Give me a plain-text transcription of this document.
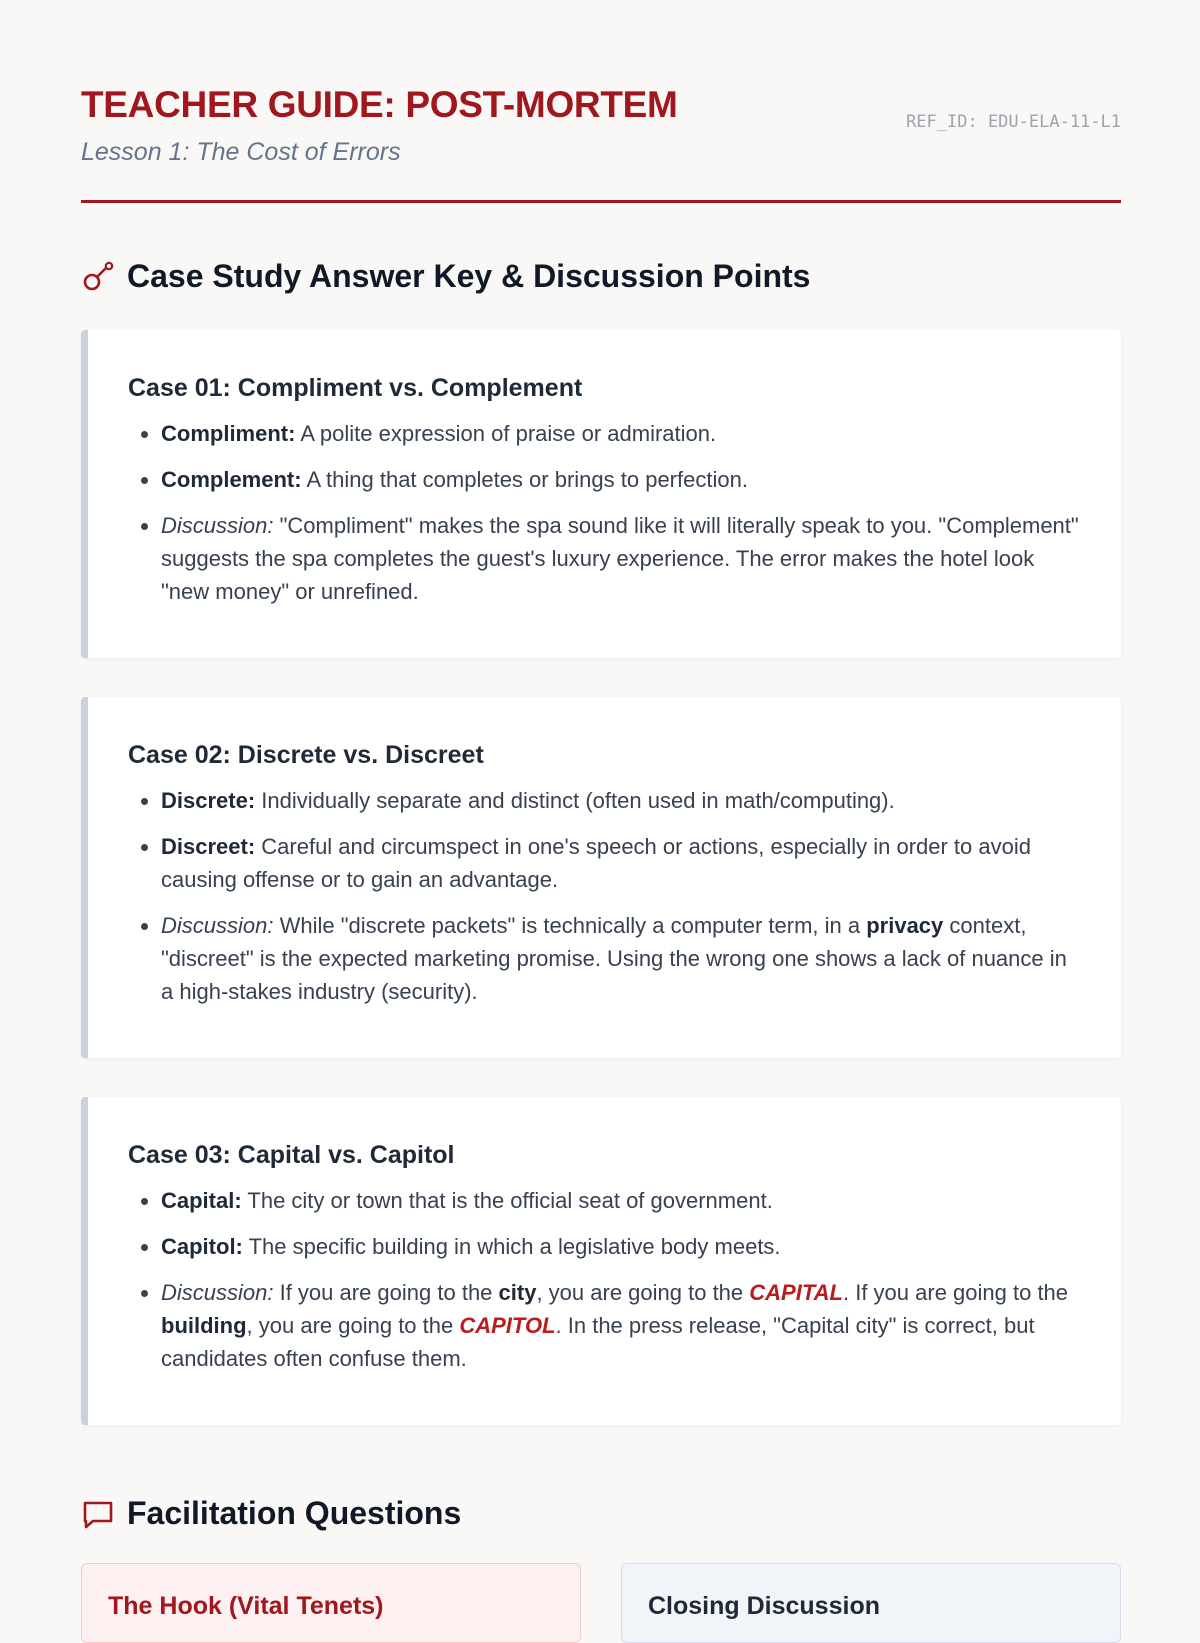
TEACHER GUIDE: POST-MORTEM

Lesson 1: The Cost of Errors

REF_ID: EDU-ELA-11-L1
Case Study Answer Key & Discussion Points
Case 01: Compliment vs. Complement
• Compliment: A polite expression of praise or admiration.
• Complement: A thing that completes or brings to perfection.
• Discussion: "Compliment" makes the spa sound like it will literally speak to you. "Complement" suggests the spa completes the guest's luxury experience. The error makes the hotel look "new money" or unrefined.
Case 02: Discrete vs. Discreet
• Discrete: Individually separate and distinct (often used in math/computing).
• Discreet: Careful and circumspect in one's speech or actions, especially in order to avoid causing offense or to gain an advantage.
• Discussion: While "discrete packets" is technically a computer term, in a privacy context, "discreet" is the expected marketing promise. Using the wrong one shows a lack of nuance in a high-stakes industry (security).
Case 03: Capital vs. Capitol
• Capital: The city or town that is the official seat of government.
• Capitol: The specific building in which a legislative body meets.
• Discussion: If you are going to the city, you are going to the CAPITAL. If you are going to the building, you are going to the CAPITOL. In the press release, "Capital city" is correct, but candidates often confuse them.
Facilitation Questions
The Hook (Vital Tenets)	Closing Discussion
